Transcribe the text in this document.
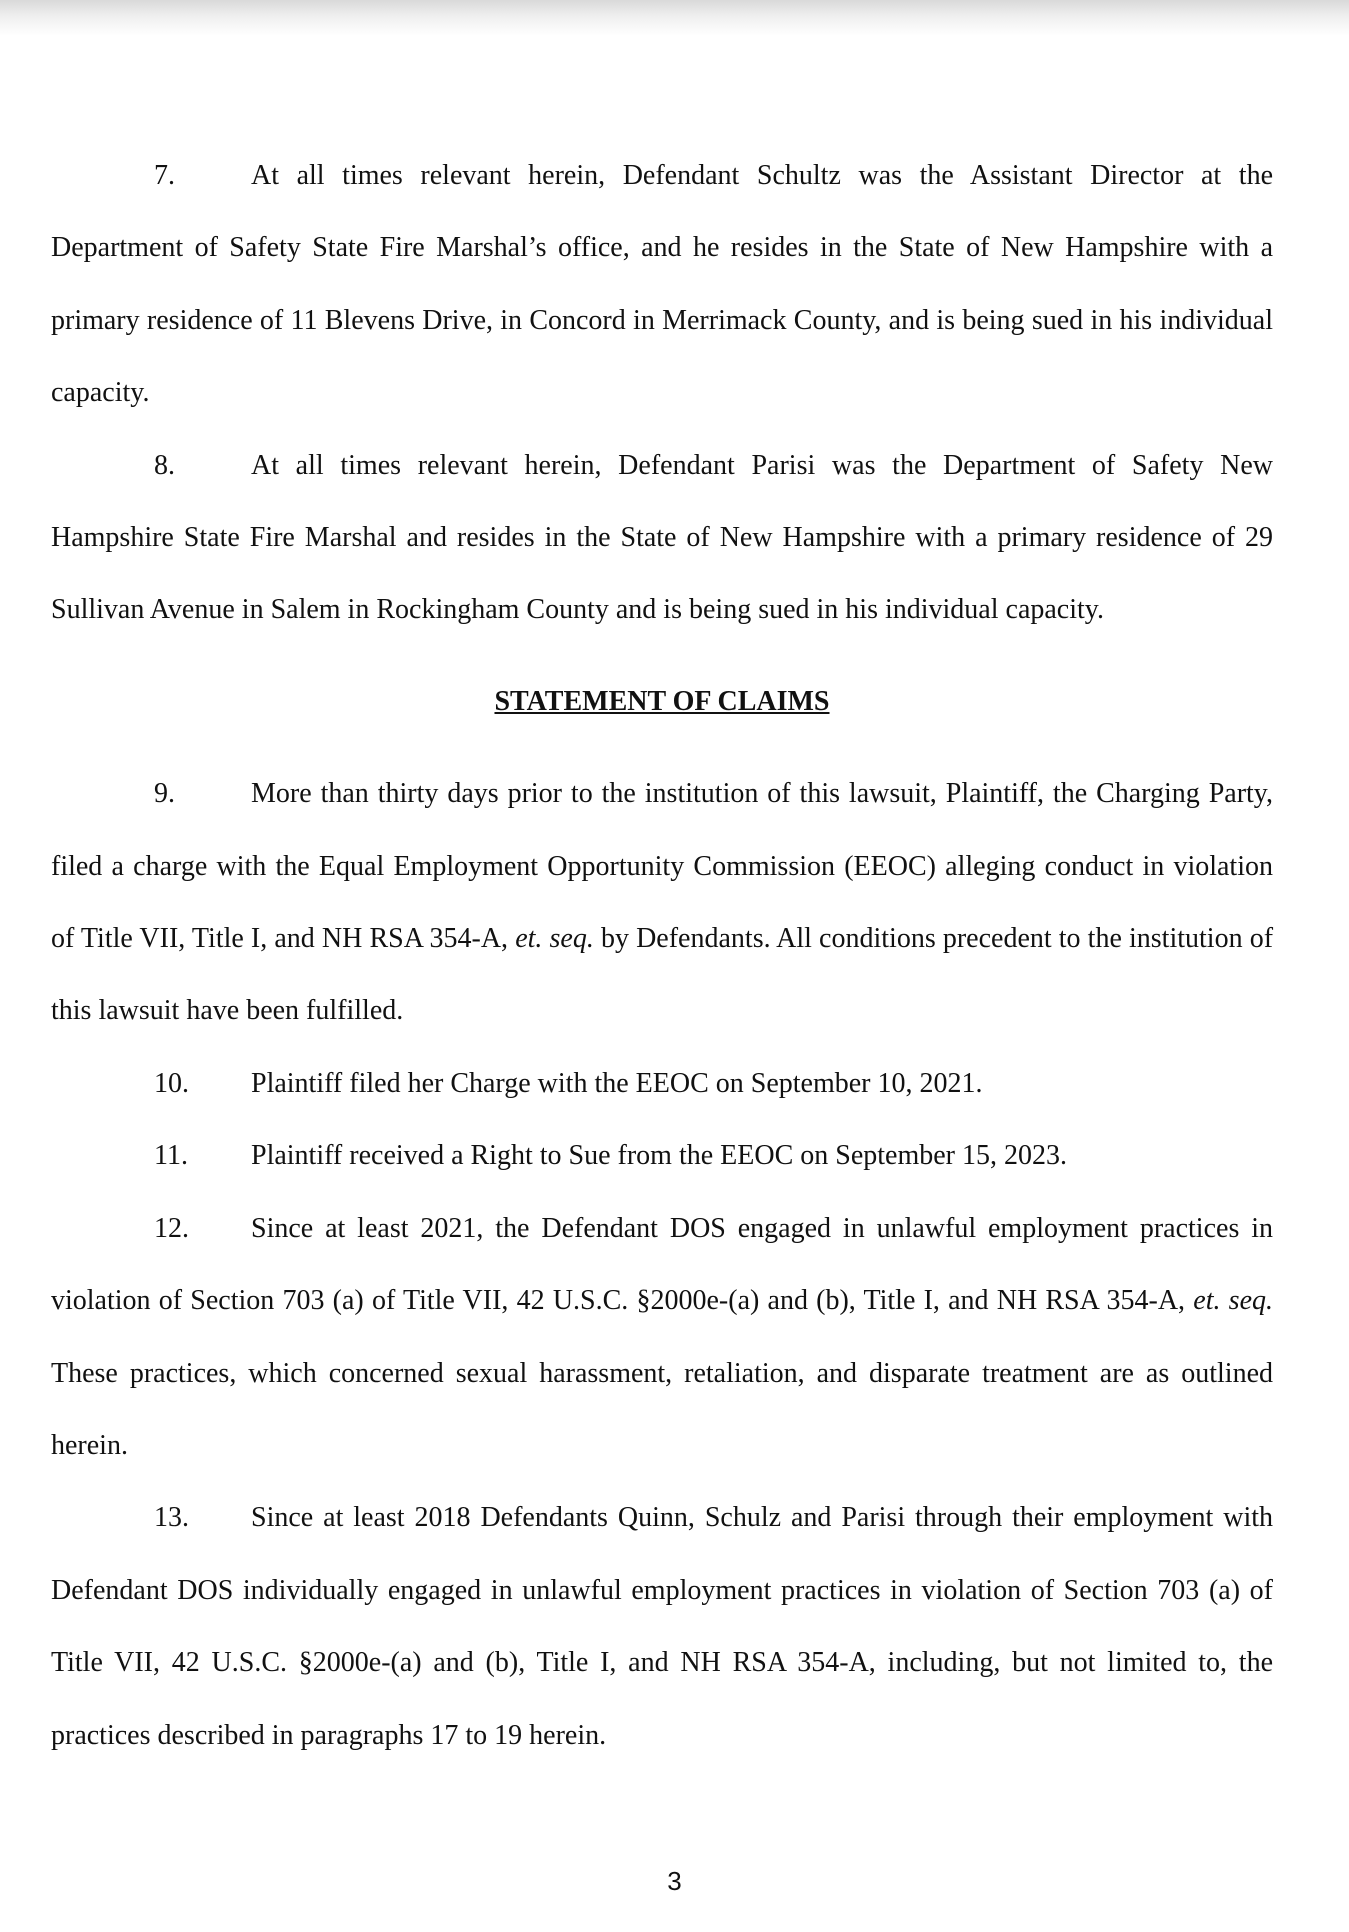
7.	At all times relevant herein, Defendant Schultz was the Assistant Director at the Department of Safety State Fire Marshal’s office, and he resides in the State of New Hampshire with a primary residence of 11 Blevens Drive, in Concord in Merrimack County, and is being sued in his individual capacity.

8.	At all times relevant herein, Defendant Parisi was the Department of Safety New Hampshire State Fire Marshal and resides in the State of New Hampshire with a primary residence of 29 Sullivan Avenue in Salem in Rockingham County and is being sued in his individual capacity.

STATEMENT OF CLAIMS

9.	More than thirty days prior to the institution of this lawsuit, Plaintiff, the Charging Party, filed a charge with the Equal Employment Opportunity Commission (EEOC) alleging conduct in violation of Title VII, Title I, and NH RSA 354-A, et. seq. by Defendants. All conditions precedent to the institution of this lawsuit have been fulfilled.

10. Plaintiff filed her Charge with the EEOC on September 10, 2021.

11. Plaintiff received a Right to Sue from the EEOC on September 15, 2023.

12. Since at least 2021, the Defendant DOS engaged in unlawful employment practices in violation of Section 703 (a) of Title VII, 42 U.S.C. §2000e-(a) and (b), Title I, and NH RSA 354-A, et. seq. These practices, which concerned sexual harassment, retaliation, and disparate treatment are as outlined herein.

13. Since at least 2018 Defendants Quinn, Schulz and Parisi through their employment with Defendant DOS individually engaged in unlawful employment practices in violation of Section 703 (a) of Title VII, 42 U.S.C. §2000e-(a) and (b), Title I, and NH RSA 354-A, including, but not limited to, the practices described in paragraphs 17 to 19 herein.

3
